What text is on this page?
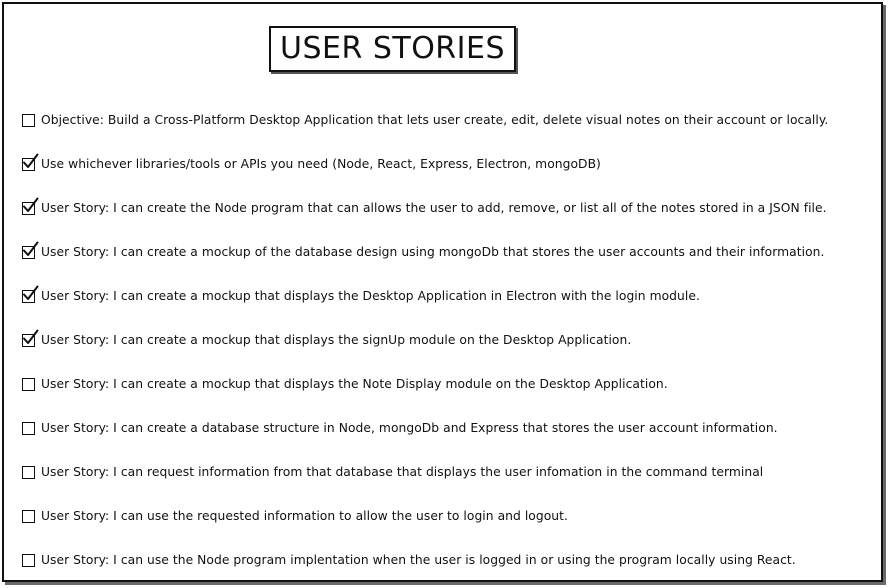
USER STORIES
Objective: Build a Cross-Platform Desktop Application that lets user create, edit, delete visual notes on their account or locally.
Use whichever libraries/tools or APIs you need (Node, React, Express, Electron, mongoDB)
User Story: I can create the Node program that can allows the user to add, remove, or list all of the notes stored in a JSON file.
User Story: I can create a mockup of the database design using mongoDb that stores the user accounts and their information.
User Story: I can create a mockup that displays the Desktop Application in Electron with the login module.
User Story: I can create a mockup that displays the signUp module on the Desktop Application.
User Story: I can create a mockup that displays the Note Display module on the Desktop Application.
User Story: I can create a database structure in Node, mongoDb and Express that stores the user account information.
User Story: I can request information from that database that displays the user infomation in the command terminal
User Story: I can use the requested information to allow the user to login and logout.
User Story: I can use the Node program implentation when the user is logged in or using the program locally using React.
